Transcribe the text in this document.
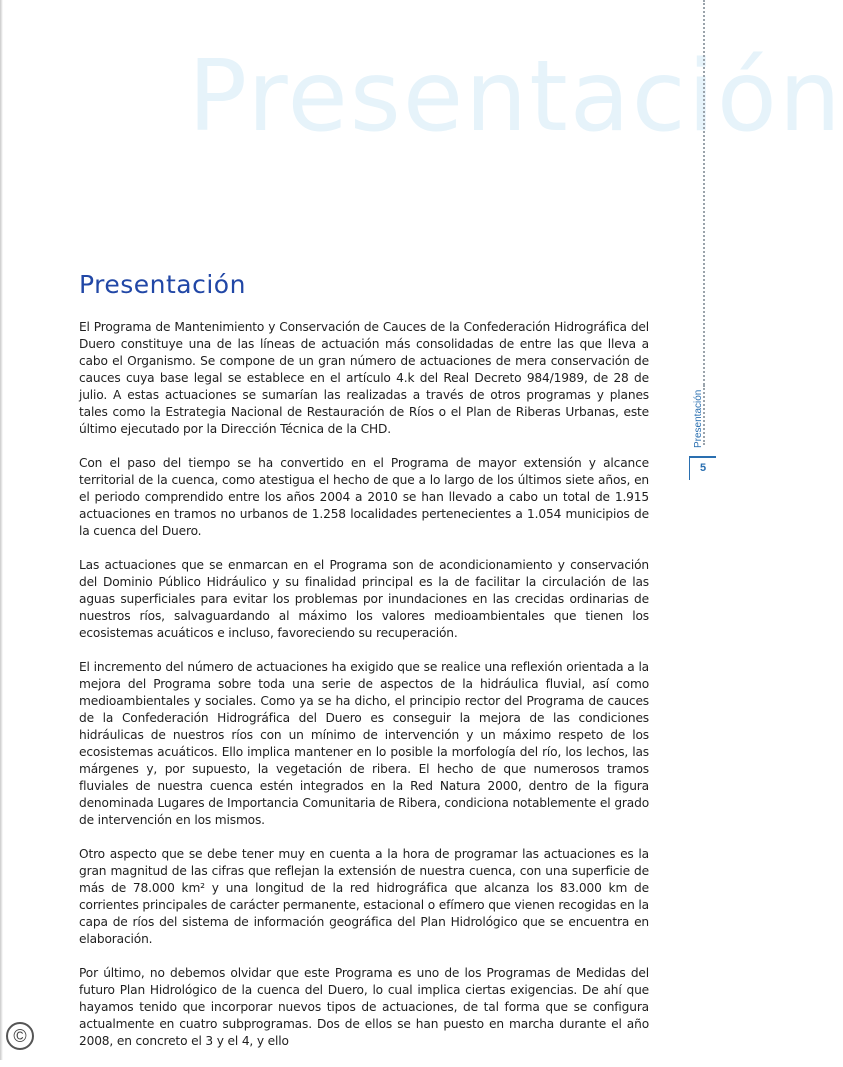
Presentación
Presentación
5
Presentación

El Programa de Mantenimiento y Conservación de Cauces de la Confederación Hidrográfica del Duero constituye una de las líneas de actuación más consolidadas de entre las que lleva a cabo el Organismo. Se compone de un gran número de actuaciones de mera conservación de cauces cuya base legal se establece en el artículo 4.k del Real Decreto 984/1989, de 28 de julio. A estas actuaciones se sumarían las realizadas a través de otros programas y planes tales como la Estrategia Nacional de Restauración de Ríos o el Plan de Riberas Urbanas, este último ejecutado por la Dirección Técnica de la CHD.

Con el paso del tiempo se ha convertido en el Programa de mayor extensión y alcance territorial de la cuenca, como atestigua el hecho de que a lo largo de los últimos siete años, en el periodo comprendido entre los años 2004 a 2010 se han llevado a cabo un total de 1.915 actuaciones en tramos no urbanos de 1.258 localidades pertenecientes a 1.054 municipios de la cuenca del Duero.

Las actuaciones que se enmarcan en el Programa son de acondicionamiento y conservación del Dominio Público Hidráulico y su finalidad principal es la de facilitar la circulación de las aguas superficiales para evitar los problemas por inundaciones en las crecidas ordinarias de nuestros ríos, salvaguardando al máximo los valores medioambientales que tienen los ecosistemas acuáticos e incluso, favoreciendo su recuperación.

El incremento del número de actuaciones ha exigido que se realice una reflexión orientada a la mejora del Programa sobre toda una serie de aspectos de la hidráulica fluvial, así como medioambientales y sociales. Como ya se ha dicho, el principio rector del Programa de cauces de la Confederación Hidrográfica del Duero es conseguir la mejora de las condiciones hidráulicas de nuestros ríos con un mínimo de intervención y un máximo respeto de los ecosistemas acuáticos. Ello implica mantener en lo posible la morfología del río, los lechos, las márgenes y, por supuesto, la vegetación de ribera. El hecho de que numerosos tramos fluviales de nuestra cuenca estén integrados en la Red Natura 2000, dentro de la figura denominada Lugares de Importancia Comunitaria de Ribera, condiciona notablemente el grado de intervención en los mismos.

Otro aspecto que se debe tener muy en cuenta a la hora de programar las actuaciones es la gran magnitud de las cifras que reflejan la extensión de nuestra cuenca, con una superficie de más de 78.000 km² y una longitud de la red hidrográfica que alcanza los 83.000 km de corrientes principales de carácter permanente, estacional o efímero que vienen recogidas en la capa de ríos del sistema de información geográfica del Plan Hidrológico que se encuentra en elaboración.

Por último, no debemos olvidar que este Programa es uno de los Programas de Medidas del futuro Plan Hidrológico de la cuenca del Duero, lo cual implica ciertas exigencias. De ahí que hayamos tenido que incorporar nuevos tipos de actuaciones, de tal forma que se configura actualmente en cuatro subprogramas. Dos de ellos se han puesto en marcha durante el año 2008, en concreto el 3 y el 4, y ello

©
